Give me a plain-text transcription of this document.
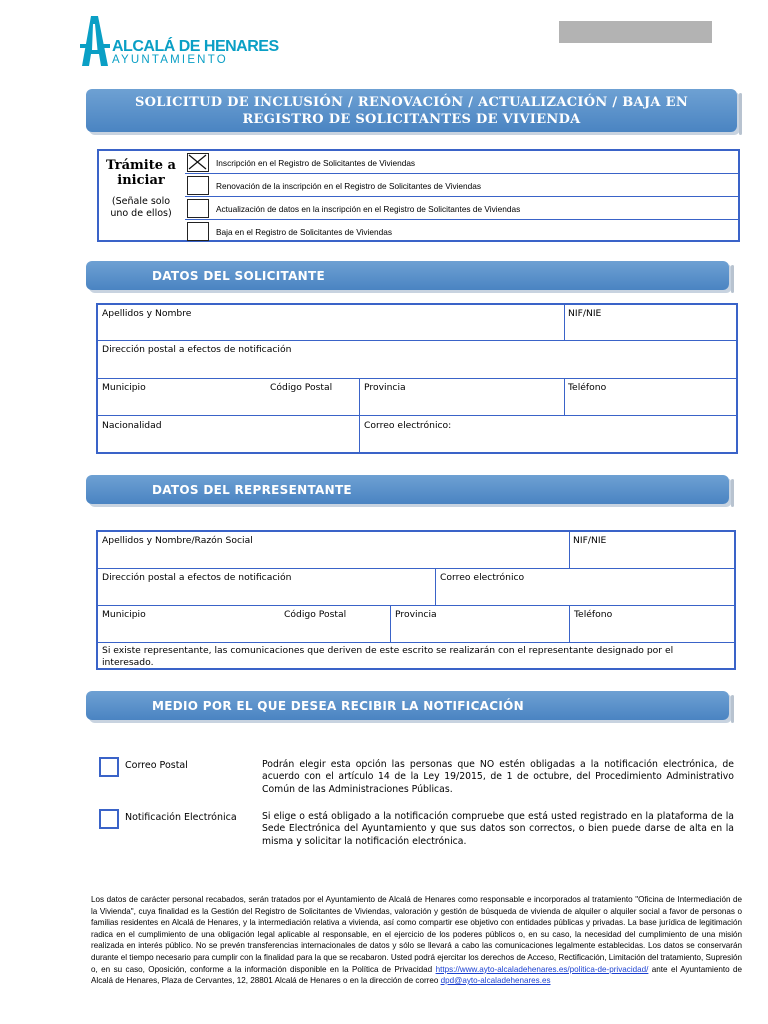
ALCALÁ DE HENARES
AYUNTAMIENTO
SOLICITUD DE INCLUSIÓN / RENOVACIÓN / ACTUALIZACIÓN / BAJA EN
REGISTRO DE SOLICITANTES DE VIVIENDA
Trámite a
iniciar
(Señale solo
uno de ellos)
Inscripción en el Registro de Solicitantes de Viviendas
Renovación de la inscripción en el Registro de Solicitantes de Viviendas
Actualización de datos en la inscripción en el Registro de Solicitantes de Viviendas
Baja en el Registro de Solicitantes de Viviendas
DATOS DEL SOLICITANTE
Apellidos y Nombre	NIF/NIE
Dirección postal a efectos de notificación
Municipio	Código Postal	Provincia	Teléfono
Nacionalidad	Correo electrónico:
DATOS DEL REPRESENTANTE
Apellidos y Nombre/Razón Social	NIF/NIE
Dirección postal a efectos de notificación	Correo electrónico
Municipio	Código Postal	Provincia	Teléfono
Si existe representante, las comunicaciones que deriven de este escrito se realizarán con el representante designado por el
interesado.
MEDIO POR EL QUE DESEA RECIBIR LA NOTIFICACIÓN
Correo Postal	Podrán elegir esta opción las personas que NO estén obligadas a la notificación electrónica, de acuerdo con el artículo 14 de la Ley 19/2015, de 1 de octubre, del Procedimiento Administrativo Común de las Administraciones Públicas.
Notificación Electrónica	Si elige o está obligado a la notificación compruebe que está usted registrado en la plataforma de la Sede Electrónica del Ayuntamiento y que sus datos son correctos, o bien puede darse de alta en la misma y solicitar la notificación electrónica.
Los datos de carácter personal recabados, serán tratados por el Ayuntamiento de Alcalá de Henares como responsable e incorporados al tratamiento "Oficina de Intermediación de la Vivienda", cuya finalidad es la Gestión del Registro de Solicitantes de Viviendas, valoración y gestión de búsqueda de vivienda de alquiler o alquiler social a favor de personas o familias residentes en Alcalá de Henares, y la intermediación relativa a vivienda, así como compartir ese objetivo con entidades públicas y privadas. La base jurídica de legitimación radica en el cumplimiento de una obligación legal aplicable al responsable, en el ejercicio de los poderes públicos o, en su caso, la necesidad del cumplimiento de una misión realizada en interés público. No se prevén transferencias internacionales de datos y sólo se llevará a cabo las comunicaciones legalmente establecidas. Los datos se conservarán durante el tiempo necesario para cumplir con la finalidad para la que se recabaron. Usted podrá ejercitar los derechos de Acceso, Rectificación, Limitación del tratamiento, Supresión o, en su caso, Oposición, conforme a la información disponible en la Política de Privacidad https://www.ayto-alcaladehenares.es/politica-de-privacidad/ ante el Ayuntamiento de Alcalá de Henares, Plaza de Cervantes, 12, 28801 Alcalá de Henares o en la dirección de correo dpd@ayto-alcaladehenares.es
